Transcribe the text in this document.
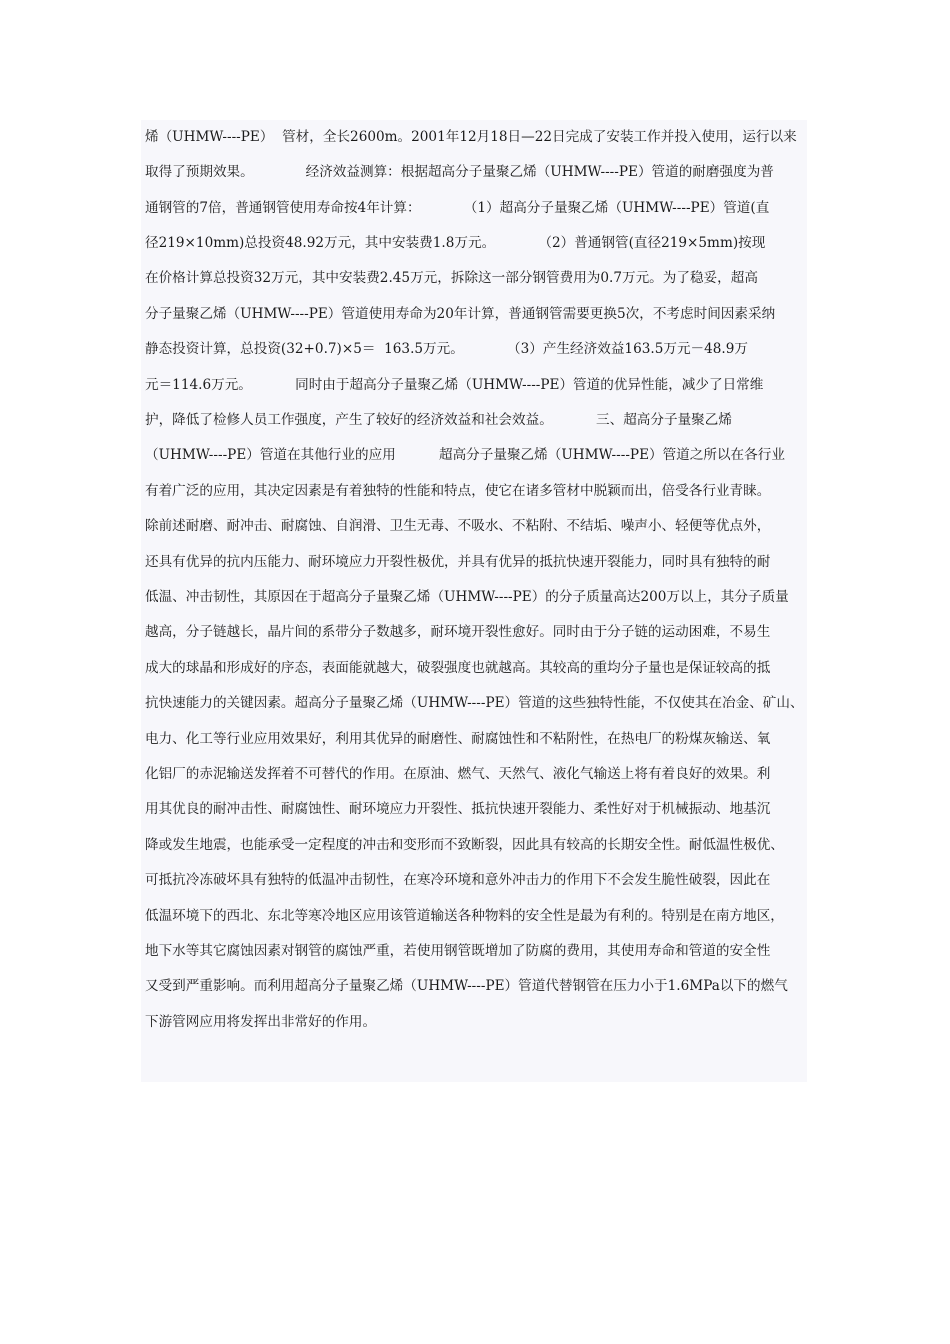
烯（UHMW----PE）  管材，全长2600m。2001年12月18日—22日完成了安装工作并投入使用，运行以来
取得了预期效果。            经济效益测算：根据超高分子量聚乙烯（UHMW----PE）管道的耐磨强度为普
通钢管的7倍，普通钢管使用寿命按4年计算：          （1）超高分子量聚乙烯（UHMW----PE）管道(直
径219×10mm)总投资48.92万元，其中安装费1.8万元。          （2）普通钢管(直径219×5mm)按现
在价格计算总投资32万元，其中安装费2.45万元，拆除这一部分钢管费用为0.7万元。为了稳妥，超高
分子量聚乙烯（UHMW----PE）管道使用寿命为20年计算，普通钢管需要更换5次，不考虑时间因素采纳
静态投资计算，总投资(32+0.7)×5＝  163.5万元。          （3）产生经济效益163.5万元－48.9万
元＝114.6万元。          同时由于超高分子量聚乙烯（UHMW----PE）管道的优异性能，减少了日常维
护，降低了检修人员工作强度，产生了较好的经济效益和社会效益。          三、超高分子量聚乙烯
（UHMW----PE）管道在其他行业的应用          超高分子量聚乙烯（UHMW----PE）管道之所以在各行业
有着广泛的应用，其决定因素是有着独特的性能和特点，使它在诸多管材中脱颖而出，倍受各行业青睐。
除前述耐磨、耐冲击、耐腐蚀、自润滑、卫生无毒、不吸水、不粘附、不结垢、噪声小、轻便等优点外，
还具有优异的抗内压能力、耐环境应力开裂性极优，并具有优异的抵抗快速开裂能力，同时具有独特的耐
低温、冲击韧性，其原因在于超高分子量聚乙烯（UHMW----PE）的分子质量高达200万以上，其分子质量
越高，分子链越长，晶片间的系带分子数越多，耐环境开裂性愈好。同时由于分子链的运动困难，不易生
成大的球晶和形成好的序态，表面能就越大，破裂强度也就越高。其较高的重均分子量也是保证较高的抵
抗快速能力的关键因素。超高分子量聚乙烯（UHMW----PE）管道的这些独特性能，不仅使其在冶金、矿山、
电力、化工等行业应用效果好，利用其优异的耐磨性、耐腐蚀性和不粘附性，在热电厂的粉煤灰输送、氧
化铝厂的赤泥输送发挥着不可替代的作用。在原油、燃气、天然气、液化气输送上将有着良好的效果。利
用其优良的耐冲击性、耐腐蚀性、耐环境应力开裂性、抵抗快速开裂能力、柔性好对于机械振动、地基沉
降或发生地震，也能承受一定程度的冲击和变形而不致断裂，因此具有较高的长期安全性。耐低温性极优、
可抵抗冷冻破坏具有独特的低温冲击韧性，在寒冷环境和意外冲击力的作用下不会发生脆性破裂，因此在
低温环境下的西北、东北等寒冷地区应用该管道输送各种物料的安全性是最为有利的。特别是在南方地区，
地下水等其它腐蚀因素对钢管的腐蚀严重，若使用钢管既增加了防腐的费用，其使用寿命和管道的安全性
又受到严重影响。而利用超高分子量聚乙烯（UHMW----PE）管道代替钢管在压力小于1.6MPa以下的燃气
下游管网应用将发挥出非常好的作用。
